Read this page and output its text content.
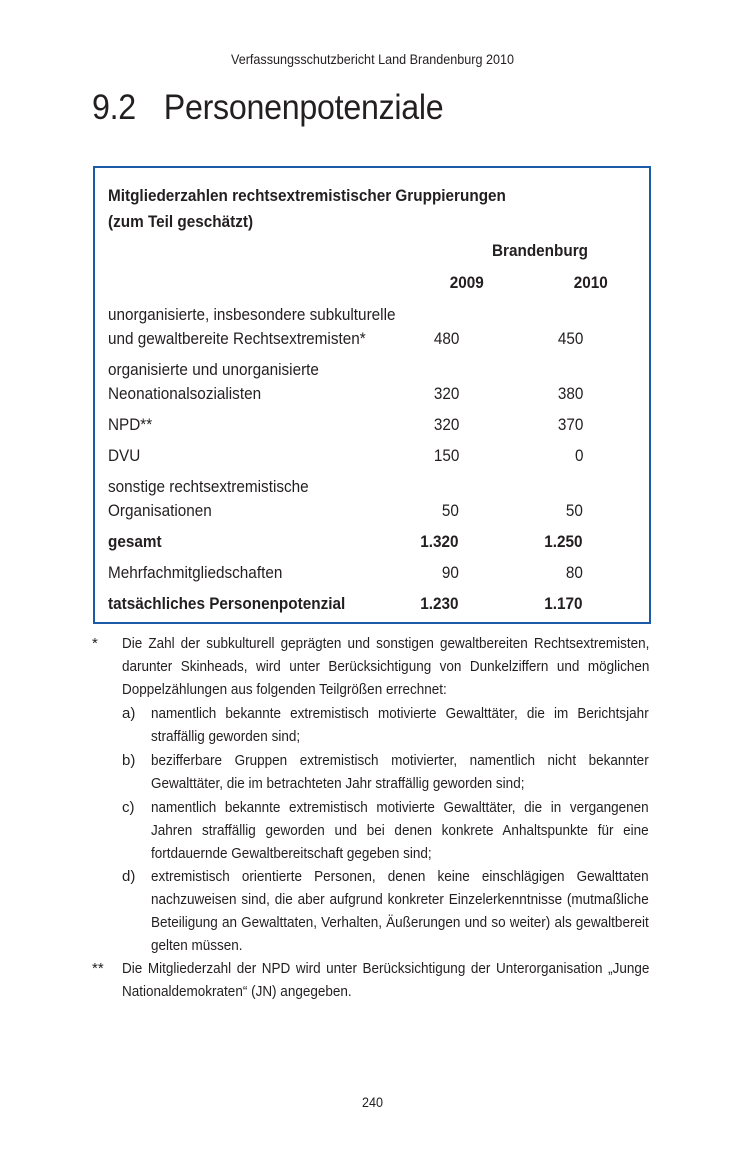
Verfassungsschutzbericht Land Brandenburg 2010
9.2 Personenpotenziale
Mitgliederzahlen rechtsextremistischer Gruppierungen
(zum Teil geschätzt)
Brandenburg
2009	2010
unorganisierte, insbesondere subkulturelle
und gewaltbereite Rechtsextremisten*	480	450
organisierte und unorganisierte
Neonationalsozialisten	320	380
NPD**	320	370
DVU	150	0
sonstige rechtsextremistische
Organisationen	50	50
gesamt	1.320	1.250
Mehrfachmitgliedschaften	90	80
tatsächliches Personenpotenzial	1.230	1.170
* Die Zahl der subkulturell geprägten und sonstigen gewaltbereiten Rechtsextremisten, darunter Skinheads, wird unter Berücksichtigung von Dunkelziffern und möglichen Doppelzählungen aus folgenden Teilgrößen errechnet:
a) namentlich bekannte extremistisch motivierte Gewalttäter, die im Berichtsjahr straffällig geworden sind;
b) bezifferbare Gruppen extremistisch motivierter, namentlich nicht bekannter Gewalttäter, die im betrachteten Jahr straffällig geworden sind;
c) namentlich bekannte extremistisch motivierte Gewalttäter, die in vergangenen Jahren straffällig geworden und bei denen konkrete Anhaltspunkte für eine fortdauernde Gewaltbereitschaft gegeben sind;
d) extremistisch orientierte Personen, denen keine einschlägigen Gewalttaten nachzuweisen sind, die aber aufgrund konkreter Einzelerkenntnisse (mutmaßliche Beteiligung an Gewalttaten, Verhalten, Äußerungen und so weiter) als gewaltbereit gelten müssen.
** Die Mitgliederzahl der NPD wird unter Berücksichtigung der Unterorganisation „Junge Nationaldemokraten“ (JN) angegeben.
240
